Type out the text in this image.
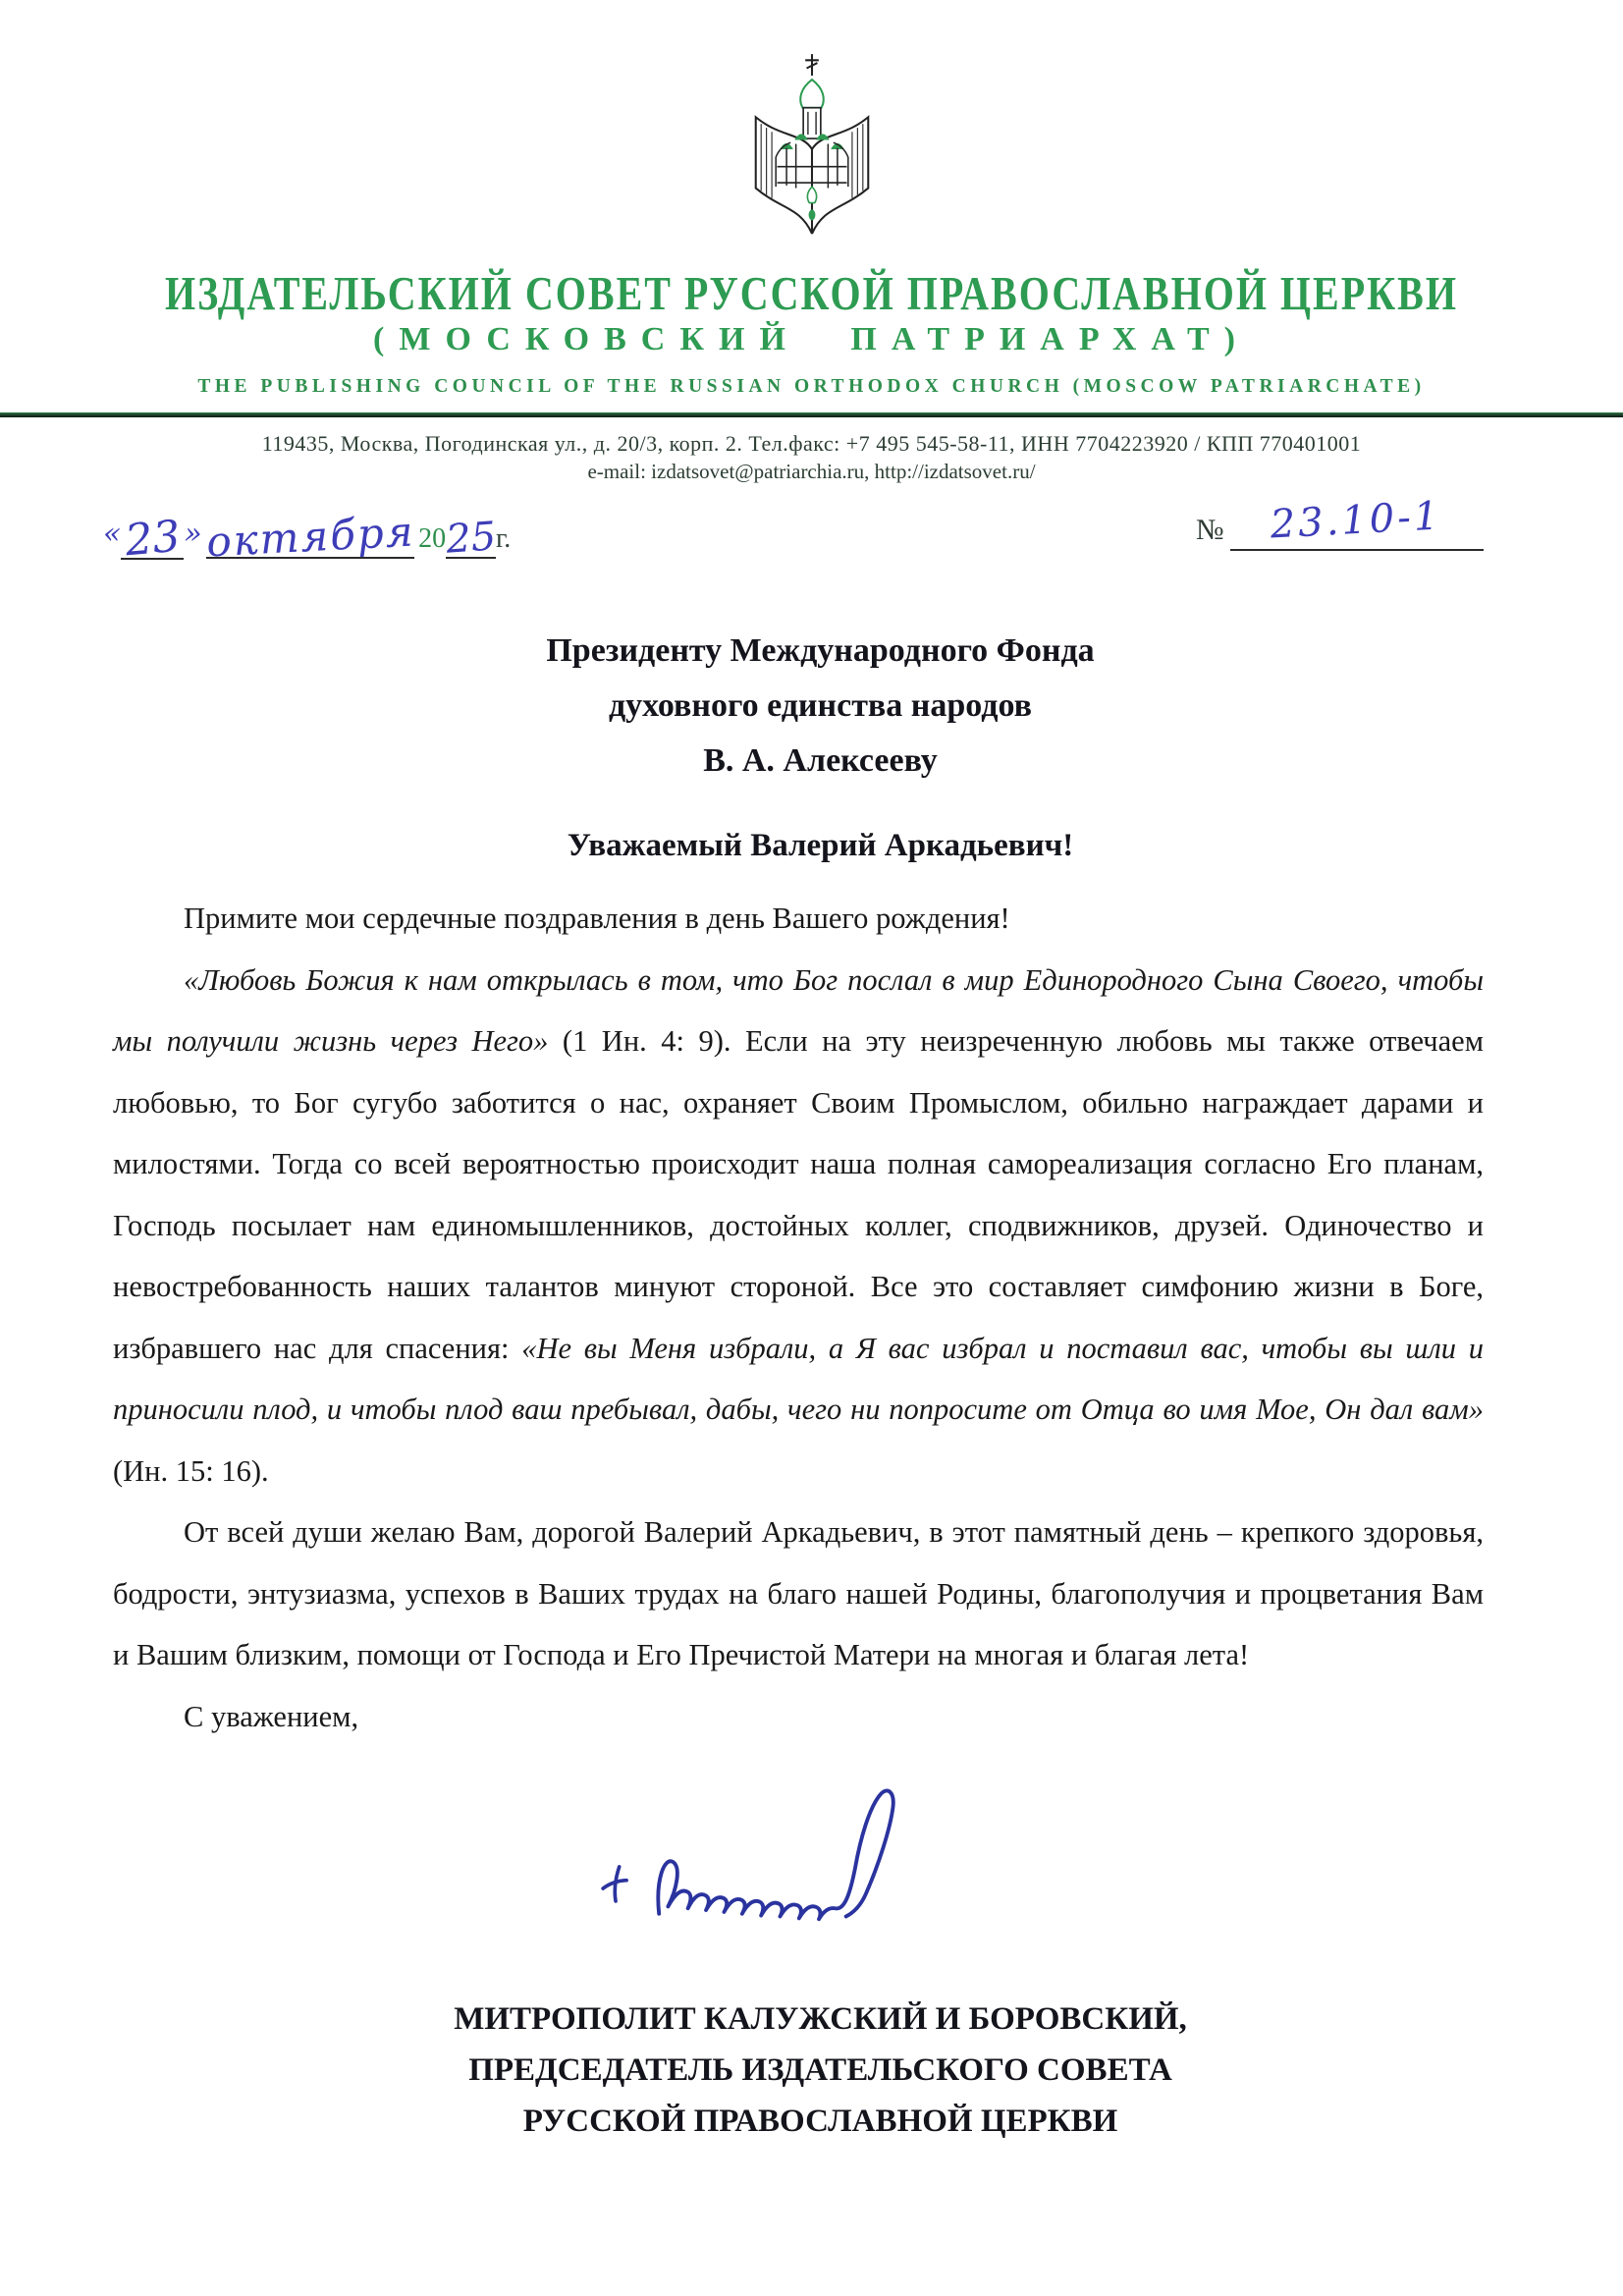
ИЗДАТЕЛЬСКИЙ СОВЕТ РУССКОЙ ПРАВОСЛАВНОЙ ЦЕРКВИ
(МОСКОВСКИЙ ПАТРИАРХАТ)
THE PUBLISHING COUNCIL OF THE RUSSIAN ORTHODOX CHURCH (MOSCOW PATRIARCHATE)
119435, Москва, Погодинская ул., д. 20/3, корп. 2. Тел.факс: +7 495 545-58-11, ИНН 7704223920 / КПП 770401001
e-mail: izdatsovet@patriarchia.ru, http://izdatsovet.ru/
«23»октября 2025г.	№ 23.10-1
Президенту Международного Фонда
духовного единства народов
В. А. Алексееву
Уважаемый Валерий Аркадьевич!

Примите мои сердечные поздравления в день Вашего рождения!

«Любовь Божия к нам открылась в том, что Бог послал в мир Единородного Сына Своего, чтобы мы получили жизнь через Него» (1 Ин. 4: 9). Если на эту неизреченную любовь мы также отвечаем любовью, то Бог сугубо заботится о нас, охраняет Своим Промыслом, обильно награждает дарами и милостями. Тогда со всей вероятностью происходит наша полная самореализация согласно Его планам, Господь посылает нам единомышленников, достойных коллег, сподвижников, друзей. Одиночество и невостребованность наших талантов минуют стороной. Все это составляет симфонию жизни в Боге, избравшего нас для спасения: «Не вы Меня избрали, а Я вас избрал и поставил вас, чтобы вы шли и приносили плод, и чтобы плод ваш пребывал, дабы, чего ни попросите от Отца во имя Мое, Он дал вам» (Ин. 15: 16).

От всей души желаю Вам, дорогой Валерий Аркадьевич, в этот памятный день – крепкого здоровья, бодрости, энтузиазма, успехов в Ваших трудах на благо нашей Родины, благополучия и процветания Вам и Вашим близким, помощи от Господа и Его Пречистой Матери на многая и благая лета!

С уважением,

МИТРОПОЛИТ КАЛУЖСКИЙ И БОРОВСКИЙ,
ПРЕДСЕДАТЕЛЬ ИЗДАТЕЛЬСКОГО СОВЕТА
РУССКОЙ ПРАВОСЛАВНОЙ ЦЕРКВИ
